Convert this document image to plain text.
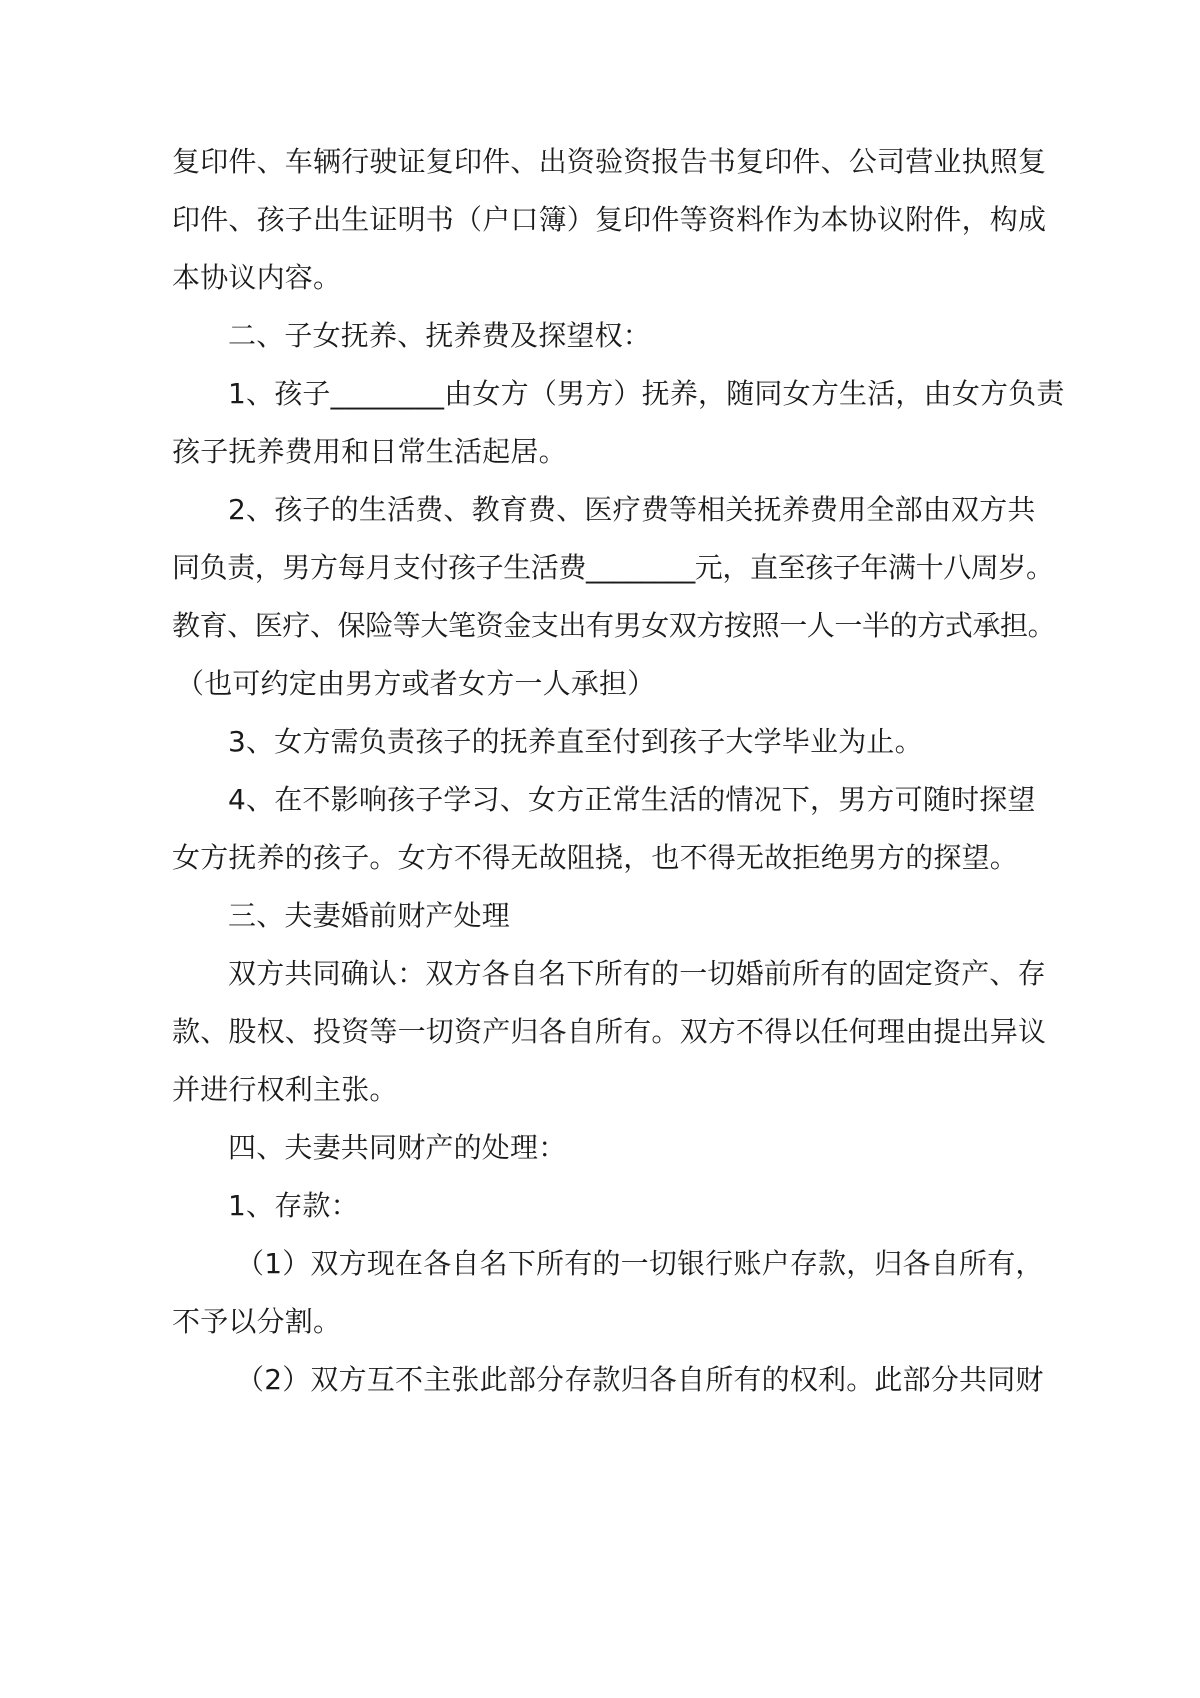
复印件、车辆行驶证复印件、出资验资报告书复印件、公司营业执照复
印件、孩子出生证明书（户口簿）复印件等资料作为本协议附件，构成
本协议内容。
二、子女抚养、抚养费及探望权：
1、孩子________由女方（男方）抚养，随同女方生活，由女方负责
孩子抚养费用和日常生活起居。
2、孩子的生活费、教育费、医疗费等相关抚养费用全部由双方共
同负责，男方每月支付孩子生活费________元，直至孩子年满十八周岁。
教育、医疗、保险等大笔资金支出有男女双方按照一人一半的方式承担。
（也可约定由男方或者女方一人承担）
3、女方需负责孩子的抚养直至付到孩子大学毕业为止。
4、在不影响孩子学习、女方正常生活的情况下，男方可随时探望
女方抚养的孩子。女方不得无故阻挠，也不得无故拒绝男方的探望。
三、夫妻婚前财产处理
双方共同确认：双方各自名下所有的一切婚前所有的固定资产、存
款、股权、投资等一切资产归各自所有。双方不得以任何理由提出异议
并进行权利主张。
四、夫妻共同财产的处理：
1、存款：
（1）双方现在各自名下所有的一切银行账户存款，归各自所有，
不予以分割。
（2）双方互不主张此部分存款归各自所有的权利。此部分共同财
